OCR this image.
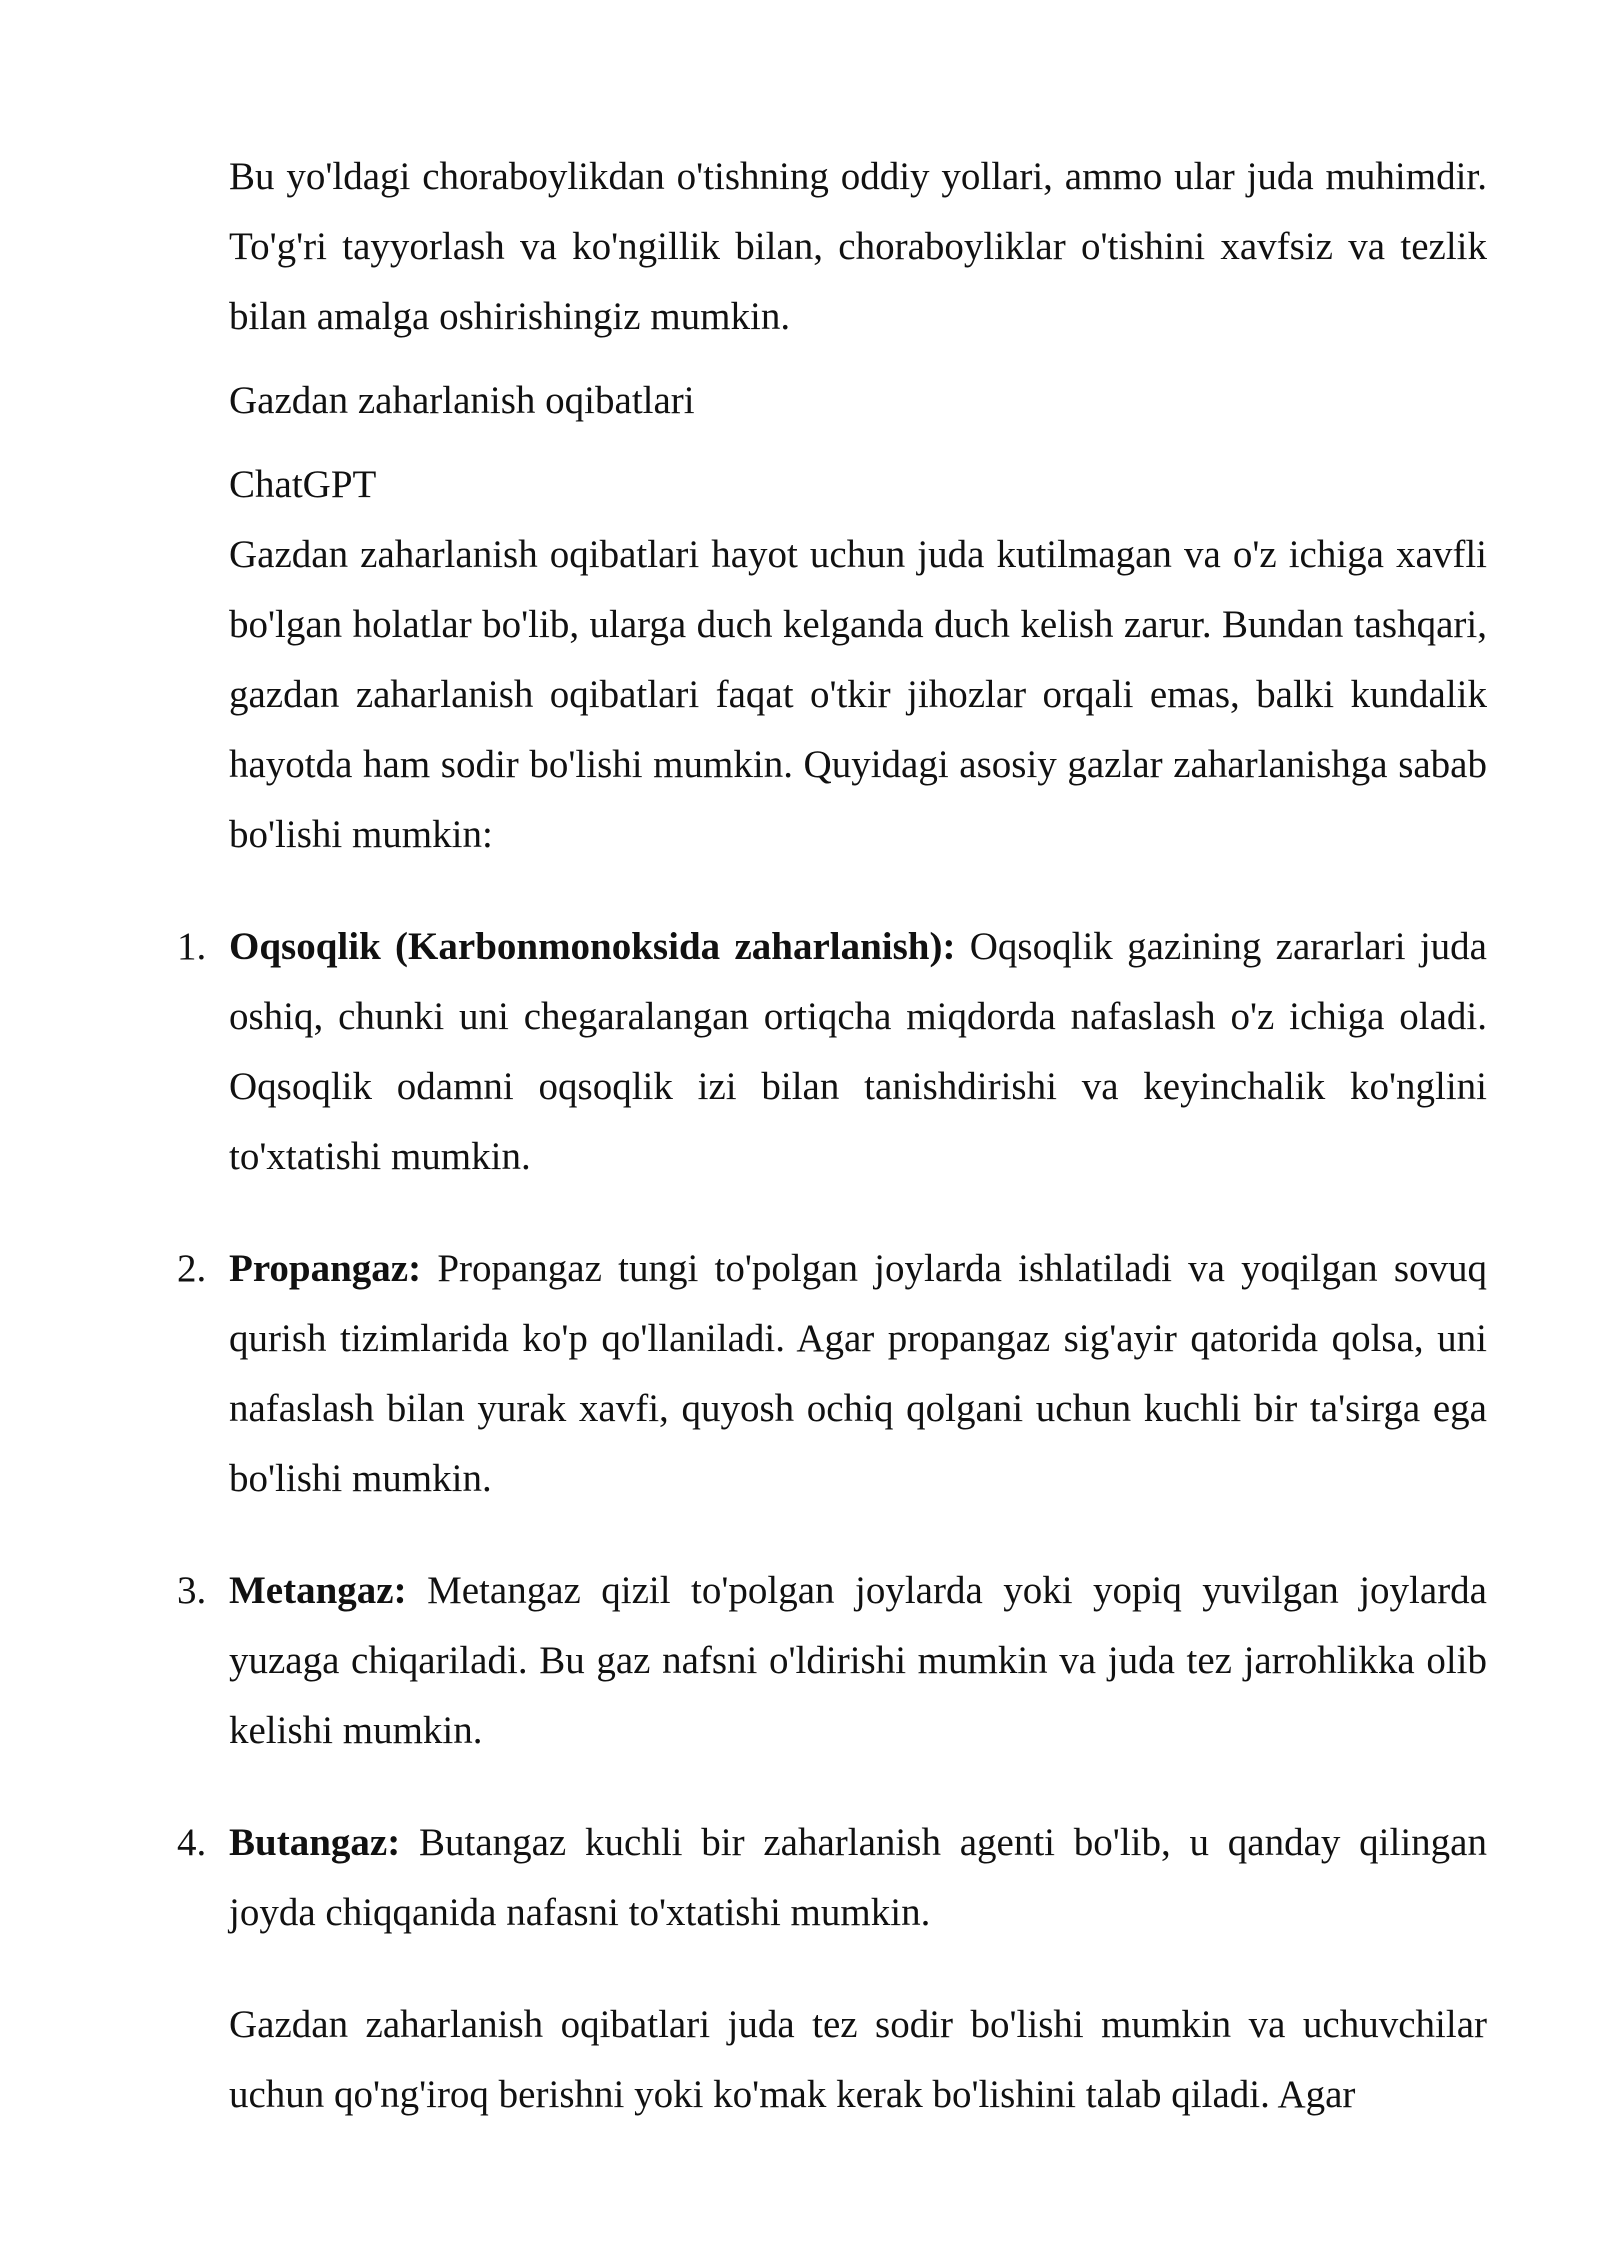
Bu yo'ldagi choraboylikdan o'tishning oddiy yollari, ammo ular juda muhimdir. To'g'ri tayyorlash va ko'ngillik bilan, choraboyliklar o'tishini xavfsiz va tezlik bilan amalga oshirishingiz mumkin.

Gazdan zaharlanish oqibatlari

ChatGPT

Gazdan zaharlanish oqibatlari hayot uchun juda kutilmagan va o'z ichiga xavfli bo'lgan holatlar bo'lib, ularga duch kelganda duch kelish zarur. Bundan tashqari, gazdan zaharlanish oqibatlari faqat o'tkir jihozlar orqali emas, balki kundalik hayotda ham sodir bo'lishi mumkin. Quyidagi asosiy gazlar zaharlanishga sabab bo'lishi mumkin:

1. Oqsoqlik (Karbonmonoksida zaharlanish): Oqsoqlik gazining zararlari juda oshiq, chunki uni chegaralangan ortiqcha miqdorda nafaslash o'z ichiga oladi. Oqsoqlik odamni oqsoqlik izi bilan tanishdirishi va keyinchalik ko'nglini to'xtatishi mumkin.
2. Propangaz: Propangaz tungi to'polgan joylarda ishlatiladi va yoqilgan sovuq qurish tizimlarida ko'p qo'llaniladi. Agar propangaz sig'ayir qatorida qolsa, uni nafaslash bilan yurak xavfi, quyosh ochiq qolgani uchun kuchli bir ta'sirga ega bo'lishi mumkin.
3. Metangaz: Metangaz qizil to'polgan joylarda yoki yopiq yuvilgan joylarda yuzaga chiqariladi. Bu gaz nafsni o'ldirishi mumkin va juda tez jarrohlikka olib kelishi mumkin.
4. Butangaz: Butangaz kuchli bir zaharlanish agenti bo'lib, u qanday qilingan joyda chiqqanida nafasni to'xtatishi mumkin.

Gazdan zaharlanish oqibatlari juda tez sodir bo'lishi mumkin va uchuvchilar uchun qo'ng'iroq berishni yoki ko'mak kerak bo'lishini talab qiladi. Agar
